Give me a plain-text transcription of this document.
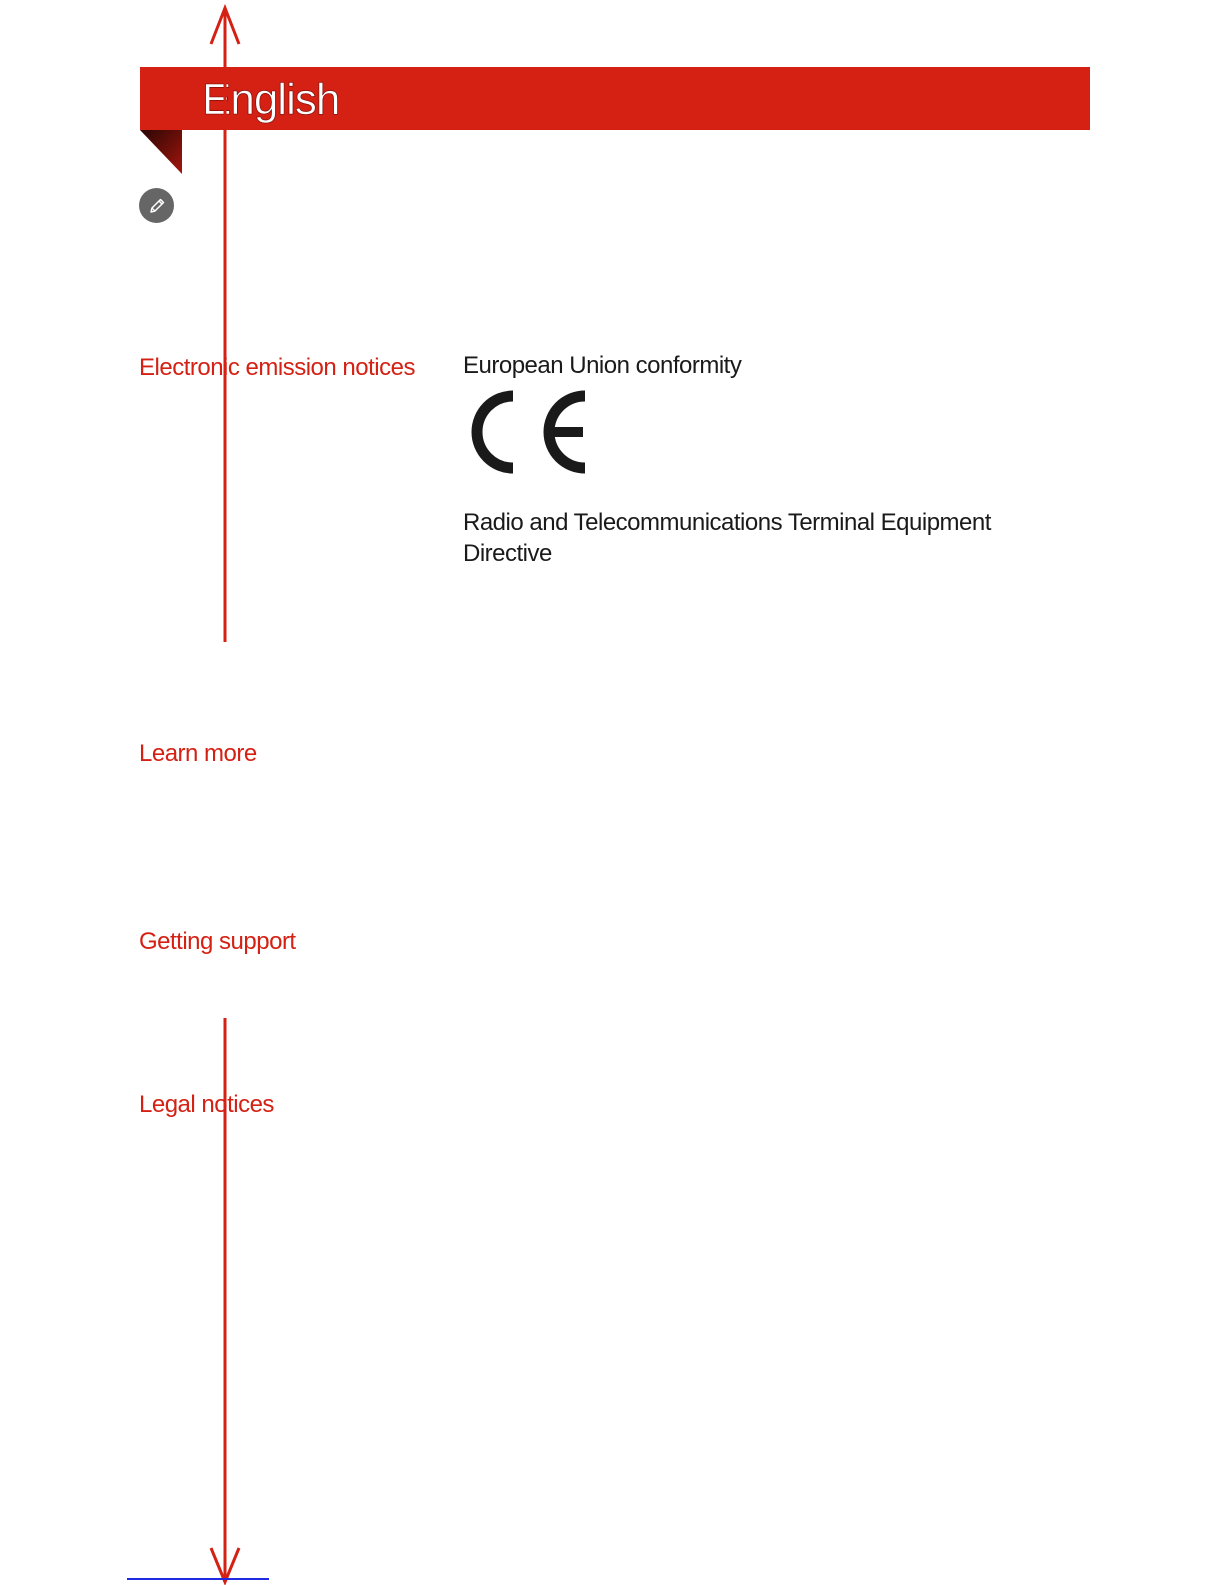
English
Electronic emission notices
Learn more
Getting support
Legal notices
European Union conformity
Radio and Telecommunications Terminal Equipment Directive
